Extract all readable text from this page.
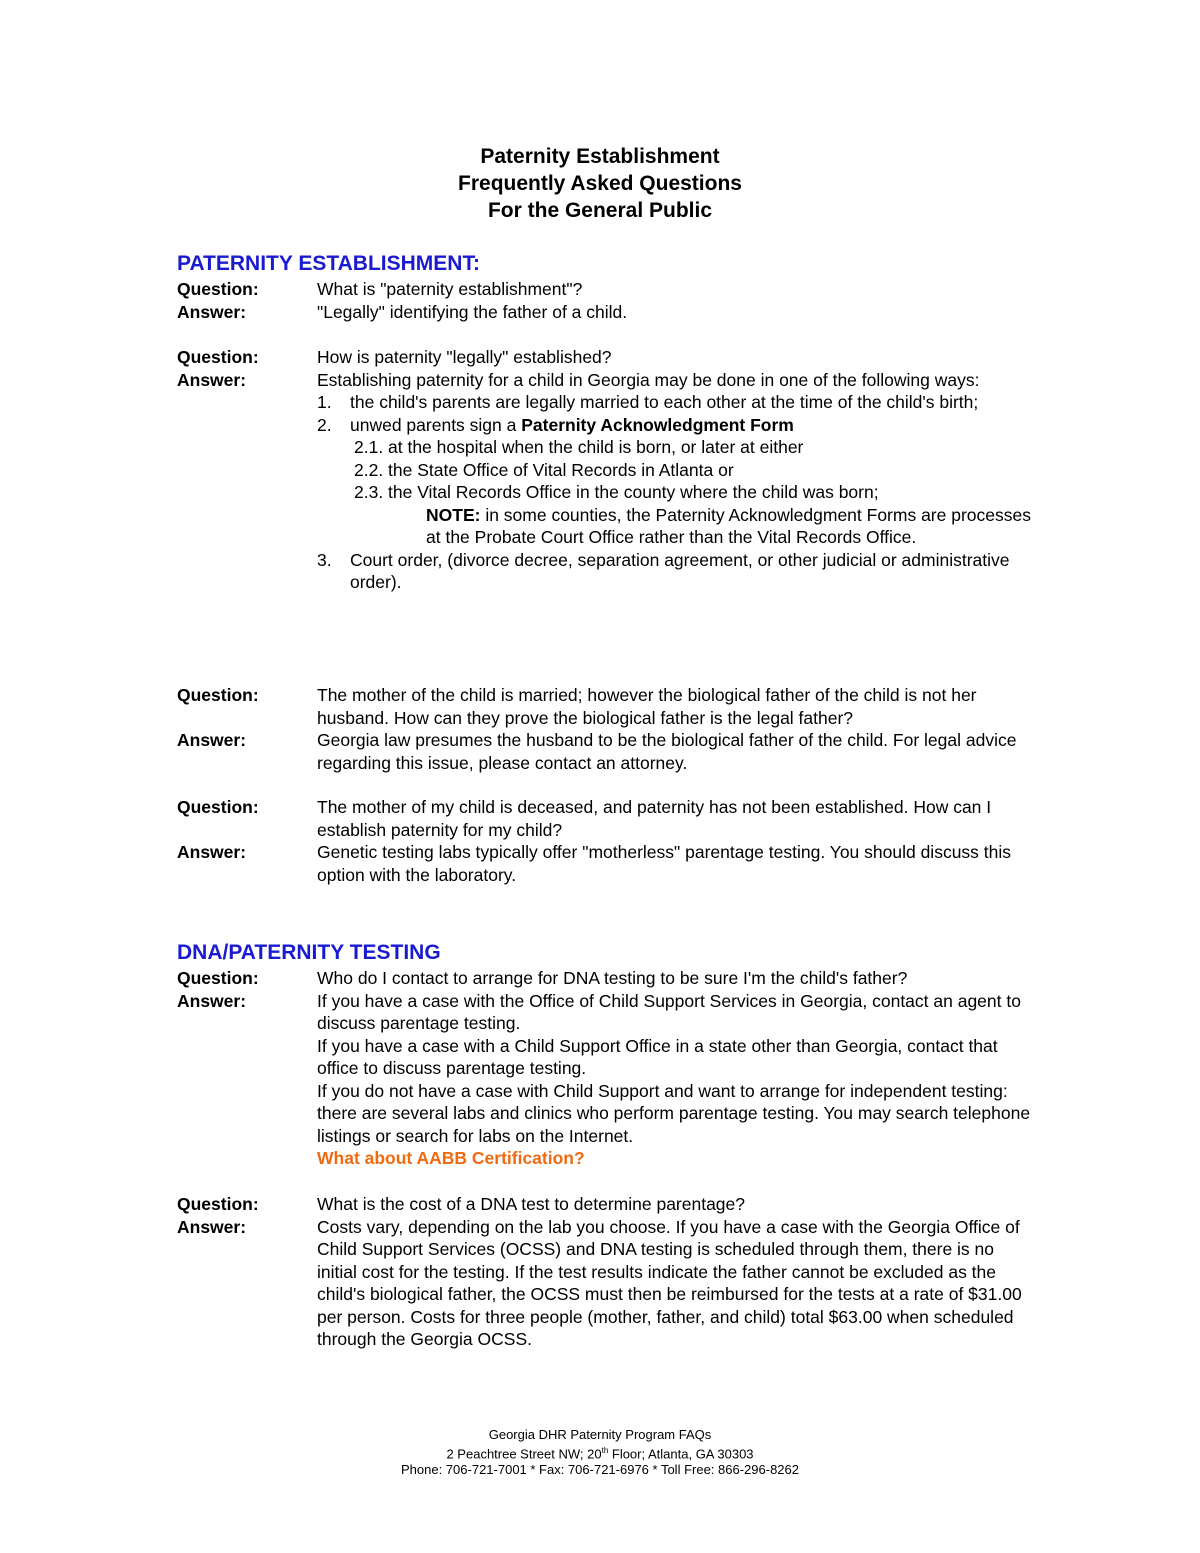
Paternity Establishment
Frequently Asked Questions
For the General Public
PATERNITY ESTABLISHMENT:
Question:	What is "paternity establishment"?
Answer:	"Legally" identifying the father of a child.
Question:	How is paternity "legally" established?
Answer:	Establishing paternity for a child in Georgia may be done in one of the following ways:
1. the child's parents are legally married to each other at the time of the child's birth;
2. unwed parents sign a Paternity Acknowledgment Form
2.1. at the hospital when the child is born, or later at either
2.2. the State Office of Vital Records in Atlanta or
2.3. the Vital Records Office in the county where the child was born;
NOTE: in some counties, the Paternity Acknowledgment Forms are processes at the Probate Court Office rather than the Vital Records Office.
3. Court order, (divorce decree, separation agreement, or other judicial or administrative order).
Question:	The mother of the child is married; however the biological father of the child is not her husband. How can they prove the biological father is the legal father?
Answer:	Georgia law presumes the husband to be the biological father of the child. For legal advice regarding this issue, please contact an attorney.
Question:	The mother of my child is deceased, and paternity has not been established. How can I establish paternity for my child?
Answer:	Genetic testing labs typically offer "motherless" parentage testing. You should discuss this option with the laboratory.
DNA/PATERNITY TESTING
Question:	Who do I contact to arrange for DNA testing to be sure I'm the child's father?
Answer:	If you have a case with the Office of Child Support Services in Georgia, contact an agent to discuss parentage testing.
If you have a case with a Child Support Office in a state other than Georgia, contact that office to discuss parentage testing.
If you do not have a case with Child Support and want to arrange for independent testing: there are several labs and clinics who perform parentage testing. You may search telephone listings or search for labs on the Internet.
What about AABB Certification?
Question:	What is the cost of a DNA test to determine parentage?
Answer:	Costs vary, depending on the lab you choose. If you have a case with the Georgia Office of Child Support Services (OCSS) and DNA testing is scheduled through them, there is no initial cost for the testing. If the test results indicate the father cannot be excluded as the child's biological father, the OCSS must then be reimbursed for the tests at a rate of $31.00 per person. Costs for three people (mother, father, and child) total $63.00 when scheduled through the Georgia OCSS.
Georgia DHR Paternity Program FAQs
2 Peachtree Street NW; 20th Floor; Atlanta, GA 30303
Phone: 706-721-7001 * Fax: 706-721-6976 * Toll Free: 866-296-8262
